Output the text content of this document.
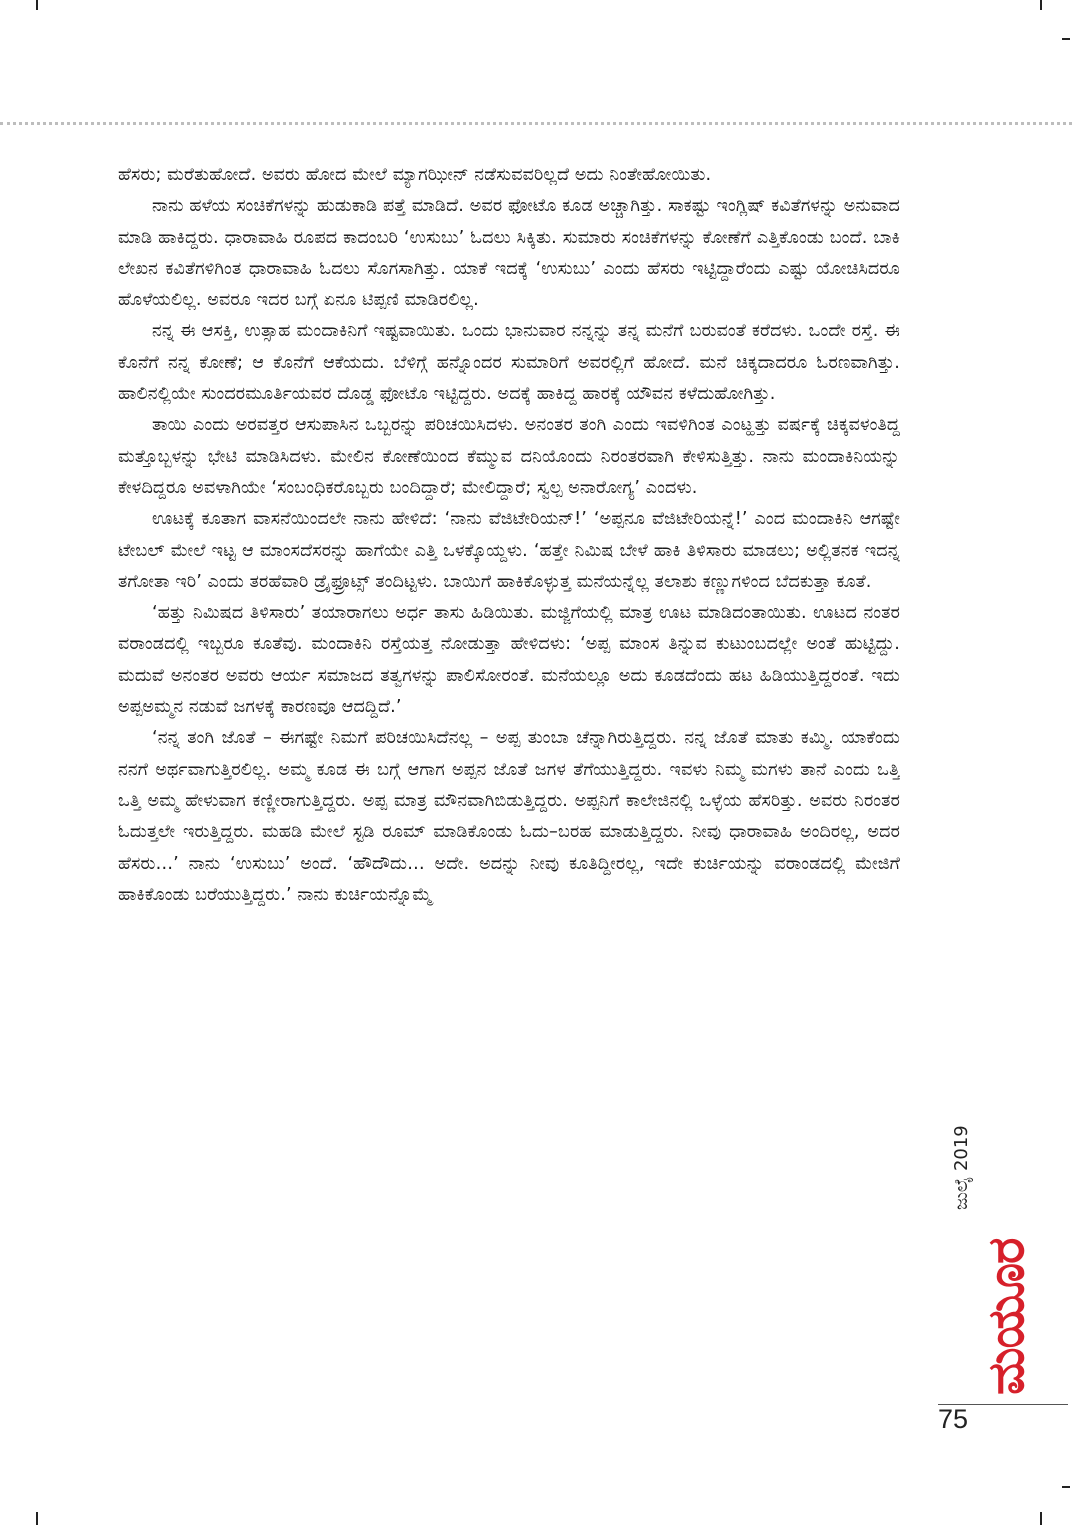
ಹೆಸರು; ಮರೆತುಹೋದೆ. ಅವರು ಹೋದ ಮೇಲೆ ಮ್ಯಾಗಝೀನ್ ನಡೆಸುವವರಿಲ್ಲದೆ ಅದು ನಿಂತೇಹೋಯಿತು.

ನಾನು ಹಳೆಯ ಸಂಚಿಕೆಗಳನ್ನು ಹುಡುಕಾಡಿ ಪತ್ತೆ ಮಾಡಿದೆ. ಅವರ ಫೋಟೊ ಕೂಡ ಅಚ್ಚಾಗಿತ್ತು. ಸಾಕಷ್ಟು ಇಂಗ್ಲಿಷ್ ಕವಿತೆಗಳನ್ನು ಅನುವಾದ ಮಾಡಿ ಹಾಕಿದ್ದರು. ಧಾರಾವಾಹಿ ರೂಪದ ಕಾದಂಬರಿ ‘ಉಸುಬು’ ಓದಲು ಸಿಕ್ಕಿತು. ಸುಮಾರು ಸಂಚಿಕೆಗಳನ್ನು ಕೋಣೆಗೆ ಎತ್ತಿಕೊಂಡು ಬಂದೆ. ಬಾಕಿ ಲೇಖನ ಕವಿತೆಗಳಿಗಿಂತ ಧಾರಾವಾಹಿ ಓದಲು ಸೊಗಸಾಗಿತ್ತು. ಯಾಕೆ ಇದಕ್ಕೆ ‘ಉಸುಬು’ ಎಂದು ಹೆಸರು ಇಟ್ಟಿದ್ದಾರೆಂದು ಎಷ್ಟು ಯೋಚಿಸಿದರೂ ಹೊಳೆಯಲಿಲ್ಲ. ಅವರೂ ಇದರ ಬಗ್ಗೆ ಏನೂ ಟಿಪ್ಪಣಿ ಮಾಡಿರಲಿಲ್ಲ.

ನನ್ನ ಈ ಆಸಕ್ತಿ, ಉತ್ಸಾಹ ಮಂದಾಕಿನಿಗೆ ಇಷ್ಟವಾಯಿತು. ಒಂದು ಭಾನುವಾರ ನನ್ನನ್ನು ತನ್ನ ಮನೆಗೆ ಬರುವಂತೆ ಕರೆದಳು. ಒಂದೇ ರಸ್ತೆ. ಈ ಕೊನೆಗೆ ನನ್ನ ಕೋಣೆ; ಆ ಕೊನೆಗೆ ಆಕೆಯದು. ಬೆಳಿಗ್ಗೆ ಹನ್ನೊಂದರ ಸುಮಾರಿಗೆ ಅವರಲ್ಲಿಗೆ ಹೋದೆ. ಮನೆ ಚಿಕ್ಕದಾದರೂ ಓರಣವಾಗಿತ್ತು. ಹಾಲಿನಲ್ಲಿಯೇ ಸುಂದರಮೂರ್ತಿಯವರ ದೊಡ್ಡ ಫೋಟೊ ಇಟ್ಟಿದ್ದರು. ಅದಕ್ಕೆ ಹಾಕಿದ್ದ ಹಾರಕ್ಕೆ ಯೌವನ ಕಳೆದುಹೋಗಿತ್ತು.

ತಾಯಿ ಎಂದು ಅರವತ್ತರ ಆಸುಪಾಸಿನ ಒಬ್ಬರನ್ನು ಪರಿಚಯಿಸಿದಳು. ಅನಂತರ ತಂಗಿ ಎಂದು ಇವಳಿಗಿಂತ ಎಂಟ್ಹತ್ತು ವರ್ಷಕ್ಕೆ ಚಿಕ್ಕವಳಂತಿದ್ದ ಮತ್ತೊಬ್ಬಳನ್ನು ಭೇಟಿ ಮಾಡಿಸಿದಳು. ಮೇಲಿನ ಕೋಣೆಯಿಂದ ಕೆಮ್ಮುವ ದನಿಯೊಂದು ನಿರಂತರವಾಗಿ ಕೇಳಿಸುತ್ತಿತ್ತು. ನಾನು ಮಂದಾಕಿನಿಯನ್ನು ಕೇಳದಿದ್ದರೂ ಅವಳಾಗಿಯೇ ‘ಸಂಬಂಧಿಕರೊಬ್ಬರು ಬಂದಿದ್ದಾರೆ; ಮೇಲಿದ್ದಾರೆ; ಸ್ವಲ್ಪ ಅನಾರೋಗ್ಯ’ ಎಂದಳು.

ಊಟಕ್ಕೆ ಕೂತಾಗ ವಾಸನೆಯಿಂದಲೇ ನಾನು ಹೇಳಿದೆ: ‘ನಾನು ವೆಜಿಟೇರಿಯನ್!’ ‘ಅಪ್ಪನೂ ವೆಜಿಟೇರಿಯನ್ನೆ!’ ಎಂದ ಮಂದಾಕಿನಿ ಆಗಷ್ಟೇ ಟೇಬಲ್ ಮೇಲೆ ಇಟ್ಟ ಆ ಮಾಂಸದೆಸರನ್ನು ಹಾಗೆಯೇ ಎತ್ತಿ ಒಳಕ್ಕೊಯ್ದಳು. ‘ಹತ್ತೇ ನಿಮಿಷ ಬೇಳೆ ಹಾಕಿ ತಿಳಿಸಾರು ಮಾಡಲು; ಅಲ್ಲಿತನಕ ಇದನ್ನ ತಗೋತಾ ಇರಿ’ ಎಂದು ತರಹೆವಾರಿ ಡ್ರೈಫ್ರೂಟ್ಸ್ ತಂದಿಟ್ಟಳು. ಬಾಯಿಗೆ ಹಾಕಿಕೊಳ್ಳುತ್ತ ಮನೆಯನ್ನೆಲ್ಲ ತಲಾಶು ಕಣ್ಣುಗಳಿಂದ ಬೆದಕುತ್ತಾ ಕೂತೆ.

‘ಹತ್ತು ನಿಮಿಷದ ತಿಳಿಸಾರು’ ತಯಾರಾಗಲು ಅರ್ಧ ತಾಸು ಹಿಡಿಯಿತು. ಮಜ್ಜಿಗೆಯಲ್ಲಿ ಮಾತ್ರ ಊಟ ಮಾಡಿದಂತಾಯಿತು. ಊಟದ ನಂತರ ವರಾಂಡದಲ್ಲಿ ಇಬ್ಬರೂ ಕೂತೆವು. ಮಂದಾಕಿನಿ ರಸ್ತೆಯತ್ತ ನೋಡುತ್ತಾ ಹೇಳಿದಳು: ‘ಅಪ್ಪ ಮಾಂಸ ತಿನ್ನುವ ಕುಟುಂಬದಲ್ಲೇ ಅಂತೆ ಹುಟ್ಟಿದ್ದು. ಮದುವೆ ಅನಂತರ ಅವರು ಆರ್ಯ ಸಮಾಜದ ತತ್ವಗಳನ್ನು ಪಾಲಿಸೋರಂತೆ. ಮನೆಯಲ್ಲೂ ಅದು ಕೂಡದೆಂದು ಹಟ ಹಿಡಿಯುತ್ತಿದ್ದರಂತೆ. ಇದು ಅಪ್ಪಅಮ್ಮನ ನಡುವೆ ಜಗಳಕ್ಕೆ ಕಾರಣವೂ ಆದದ್ದಿದೆ.’

‘ನನ್ನ ತಂಗಿ ಜೊತೆ – ಈಗಷ್ಟೇ ನಿಮಗೆ ಪರಿಚಯಿಸಿದೆನಲ್ಲ – ಅಪ್ಪ ತುಂಬಾ ಚೆನ್ನಾಗಿರುತ್ತಿದ್ದರು. ನನ್ನ ಜೊತೆ ಮಾತು ಕಮ್ಮಿ. ಯಾಕೆಂದು ನನಗೆ ಅರ್ಥವಾಗುತ್ತಿರಲಿಲ್ಲ. ಅಮ್ಮ ಕೂಡ ಈ ಬಗ್ಗೆ ಆಗಾಗ ಅಪ್ಪನ ಜೊತೆ ಜಗಳ ತೆಗೆಯುತ್ತಿದ್ದರು. ಇವಳು ನಿಮ್ಮ ಮಗಳು ತಾನೆ ಎಂದು ಒತ್ತಿ ಒತ್ತಿ ಅಮ್ಮ ಹೇಳುವಾಗ ಕಣ್ಣೀರಾಗುತ್ತಿದ್ದರು. ಅಪ್ಪ ಮಾತ್ರ ಮೌನವಾಗಿಬಿಡುತ್ತಿದ್ದರು. ಅಪ್ಪನಿಗೆ ಕಾಲೇಜಿನಲ್ಲಿ ಒಳ್ಳೆಯ ಹೆಸರಿತ್ತು. ಅವರು ನಿರಂತರ ಓದುತ್ತಲೇ ಇರುತ್ತಿದ್ದರು. ಮಹಡಿ ಮೇಲೆ ಸ್ಟಡಿ ರೂಮ್ ಮಾಡಿಕೊಂಡು ಓದು–ಬರಹ ಮಾಡುತ್ತಿದ್ದರು. ನೀವು ಧಾರಾವಾಹಿ ಅಂದಿರಲ್ಲ, ಅದರ ಹೆಸರು…’ ನಾನು ‘ಉಸುಬು’ ಅಂದೆ. ‘ಹೌದೌದು… ಅದೇ. ಅದನ್ನು ನೀವು ಕೂತಿದ್ದೀರಲ್ಲ, ಇದೇ ಕುರ್ಚಿಯನ್ನು ವರಾಂಡದಲ್ಲಿ ಮೇಜಿಗೆ ಹಾಕಿಕೊಂಡು ಬರೆಯುತ್ತಿದ್ದರು.’ ನಾನು ಕುರ್ಚಿಯನ್ನೊಮ್ಮೆ

ಜುಲೈ 2019
ಮಯೂರ
75
